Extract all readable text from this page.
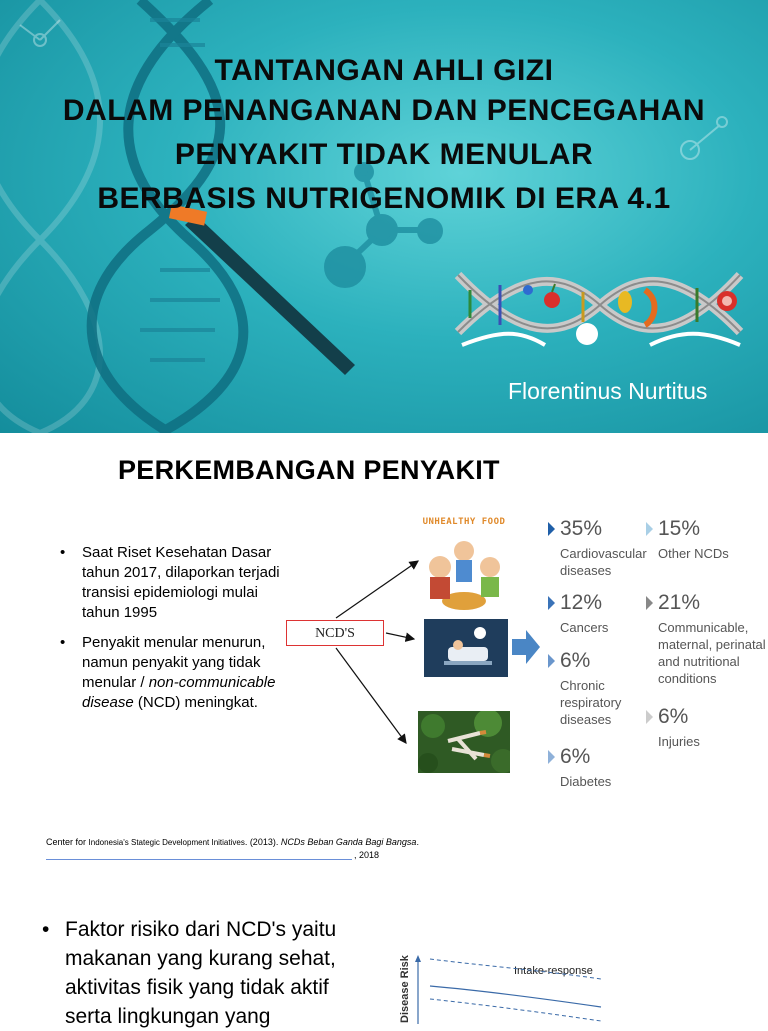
TANTANGAN AHLI GIZI
DALAM PENANGANAN DAN PENCEGAHAN
PENYAKIT TIDAK MENULAR
BERBASIS NUTRIGENOMIK DI ERA 4.1
Florentinus Nurtitus
PERKEMBANGAN PENYAKIT
• Saat Riset Kesehatan Dasar tahun 2017, dilaporkan terjadi transisi epidemiologi mulai tahun 1995
• Penyakit menular menurun, namun penyakit yang tidak menular / non-communicable disease (NCD) meningkat.
NCD'S
UNHEALTHY FOOD	35%
Cardiovascular diseases
12%
Cancers
6%
Chronic respiratory diseases
6%
Diabetes
15%
Other NCDs
21%
Communicable, maternal, perinatal and nutritional conditions
6%
Injuries
Center for Indonesia's Stategic Development Initiatives. (2013). NCDs Beban Ganda Bagi Bangsa.
, 2018
• Faktor risiko dari NCD's yaitu makanan yang kurang sehat, aktivitas fisik yang tidak aktif serta lingkungan yang	Disease Risk	Intake-response
